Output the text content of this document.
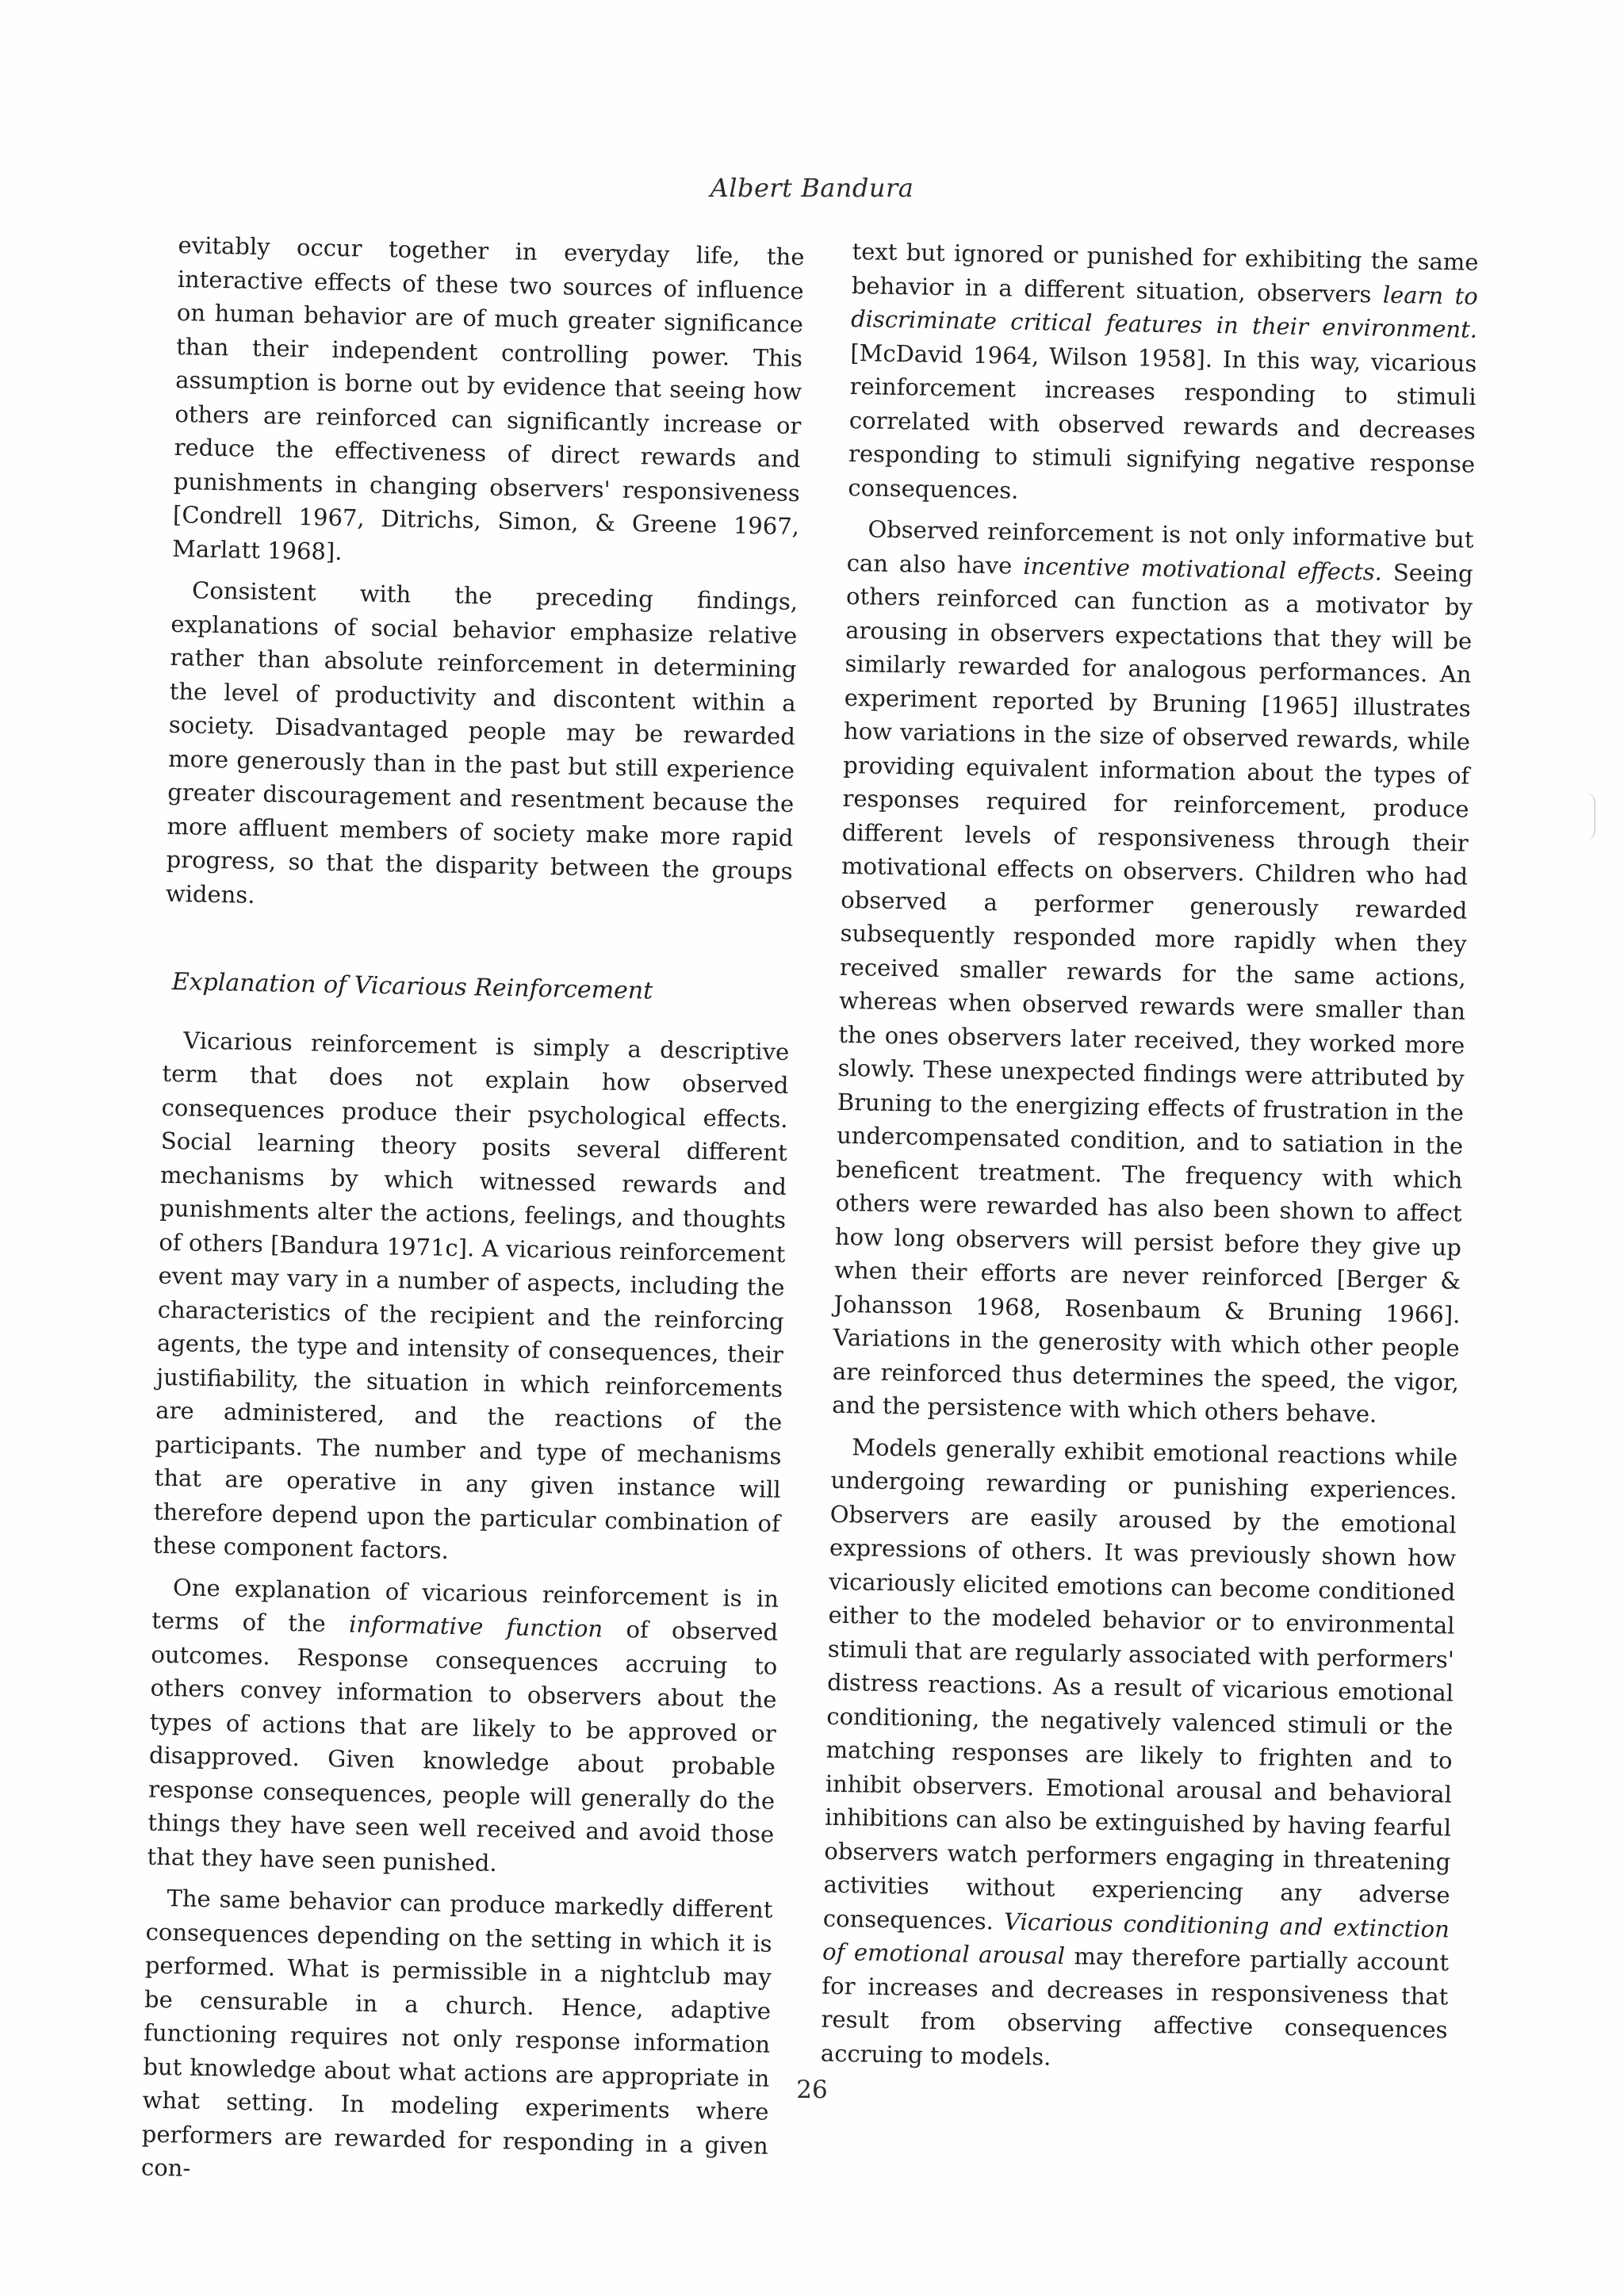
Albert Bandura

evitably occur together in everyday life, the interactive effects of these two sources of influence on human behavior are of much greater significance than their independent controlling power. This assumption is borne out by evidence that seeing how others are reinforced can significantly increase or reduce the effectiveness of direct rewards and punishments in changing observers' responsiveness [Condrell 1967, Ditrichs, Simon, & Greene 1967, Marlatt 1968].

Consistent with the preceding findings, explanations of social behavior emphasize relative rather than absolute reinforcement in determining the level of productivity and discontent within a society. Disadvantaged people may be rewarded more generously than in the past but still experience greater discouragement and resentment because the more affluent members of society make more rapid progress, so that the disparity between the groups widens.

Explanation of Vicarious Reinforcement

Vicarious reinforcement is simply a descriptive term that does not explain how observed consequences produce their psychological effects. Social learning theory posits several different mechanisms by which witnessed rewards and punishments alter the actions, feelings, and thoughts of others [Bandura 1971c]. A vicarious reinforcement event may vary in a number of aspects, including the characteristics of the recipient and the reinforcing agents, the type and intensity of consequences, their justifiability, the situation in which reinforcements are administered, and the reactions of the participants. The number and type of mechanisms that are operative in any given instance will therefore depend upon the particular combination of these component factors.

One explanation of vicarious reinforcement is in terms of the informative function of observed outcomes. Response consequences accruing to others convey information to observers about the types of actions that are likely to be approved or disapproved. Given knowledge about probable response consequences, people will generally do the things they have seen well received and avoid those that they have seen punished.

The same behavior can produce markedly different consequences depending on the setting in which it is performed. What is permissible in a nightclub may be censurable in a church. Hence, adaptive functioning requires not only response information but knowledge about what actions are appropriate in what setting. In modeling experiments where performers are rewarded for responding in a given con-

text but ignored or punished for exhibiting the same behavior in a different situation, observers learn to discriminate critical features in their environment. [McDavid 1964, Wilson 1958]. In this way, vicarious reinforcement increases responding to stimuli correlated with observed rewards and decreases responding to stimuli signifying negative response consequences.

Observed reinforcement is not only informative but can also have incentive motivational effects. Seeing others reinforced can function as a motivator by arousing in observers expectations that they will be similarly rewarded for analogous performances. An experiment reported by Bruning [1965] illustrates how variations in the size of observed rewards, while providing equivalent information about the types of responses required for reinforcement, produce different levels of responsiveness through their motivational effects on observers. Children who had observed a performer generously rewarded subsequently responded more rapidly when they received smaller rewards for the same actions, whereas when observed rewards were smaller than the ones observers later received, they worked more slowly. These unexpected findings were attributed by Bruning to the energizing effects of frustration in the undercompensated condition, and to satiation in the beneficent treatment. The frequency with which others were rewarded has also been shown to affect how long observers will persist before they give up when their efforts are never reinforced [Berger & Johansson 1968, Rosenbaum & Bruning 1966]. Variations in the generosity with which other people are reinforced thus determines the speed, the vigor, and the persistence with which others behave.

Models generally exhibit emotional reactions while undergoing rewarding or punishing experiences. Observers are easily aroused by the emotional expressions of others. It was previously shown how vicariously elicited emotions can become conditioned either to the modeled behavior or to environmental stimuli that are regularly associated with performers' distress reactions. As a result of vicarious emotional conditioning, the negatively valenced stimuli or the matching responses are likely to frighten and to inhibit observers. Emotional arousal and behavioral inhibitions can also be extinguished by having fearful observers watch performers engaging in threatening activities without experiencing any adverse consequences. Vicarious conditioning and extinction of emotional arousal may therefore partially account for increases and decreases in responsiveness that result from observing affective consequences accruing to models.

26
